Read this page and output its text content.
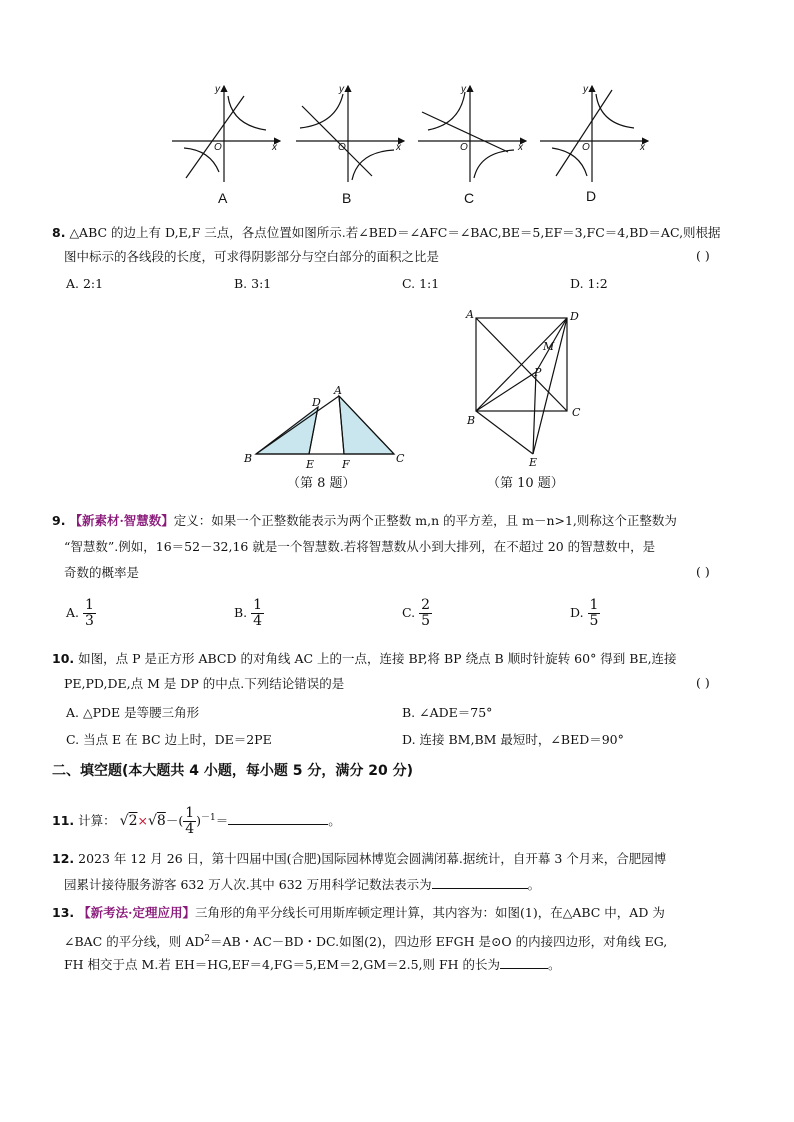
y
x
O
A
y
x
O
B
y
x
O
C
y
x
O
D
8. △ABC 的边上有 D,E,F 三点，各点位置如图所示.若∠BED＝∠AFC＝∠BAC,BE＝5,EF＝3,FC＝4,BD＝AC,则根据
图中标示的各线段的长度，可求得阴影部分与空白部分的面积之比是	( )
A. 2:1	B. 3:1	C. 1:1	D. 1:2
A
D
B	E	F	C
（第 8 题）
A	D
M
P
B
C
E
（第 10 题）
9. 【新素材·智慧数】定义：如果一个正整数能表示为两个正整数 m,n 的平方差，且 m－n>1,则称这个正整数为
“智慧数”.例如，16＝52－32,16 就是一个智慧数.若将智慧数从小到大排列，在不超过 20 的智慧数中，是
奇数的概率是	( )
A. $\frac{1}{3}$	B. $\frac{1}{4}$	C. $\frac{2}{5}$	D. $\frac{1}{5}$
10. 如图，点 P 是正方形 ABCD 的对角线 AC 上的一点，连接 BP,将 BP 绕点 B 顺时针旋转 60° 得到 BE,连接
PE,PD,DE,点 M 是 DP 的中点.下列结论错误的是	( )
A. △PDE 是等腰三角形	B. ∠ADE＝75°
C. 当点 E 在 BC 边上时，DE＝2PE	D. 连接 BM,BM 最短时，∠BED＝90°
二、填空题(本大题共 4 小题，每小题 5 分，满分 20 分)
11. 计算： $√2\times√8-( \frac{1}{4} )^{-1}=$	。
12. 2023 年 12 月 26 日，第十四届中国(合肥)国际园林博览会圆满闭幕.据统计，自开幕 3 个月来，合肥园博
园累计接待服务游客 632 万人次.其中 632 万用科学记数法表示为	。
13. 【新考法·定理应用】三角形的角平分线长可用斯库顿定理计算，其内容为：如图(1)，在△ABC 中，AD 为
∠BAC 的平分线，则 $AD^2=AB$・AC－BD・DC.如图(2)，四边形 EFGH 是⊙O 的内接四边形，对角线 EG,
FH 相交于点 M.若 EH＝HG,EF＝4,FG＝5,EM＝2,GM＝2.5,则 FH 的长为	。
